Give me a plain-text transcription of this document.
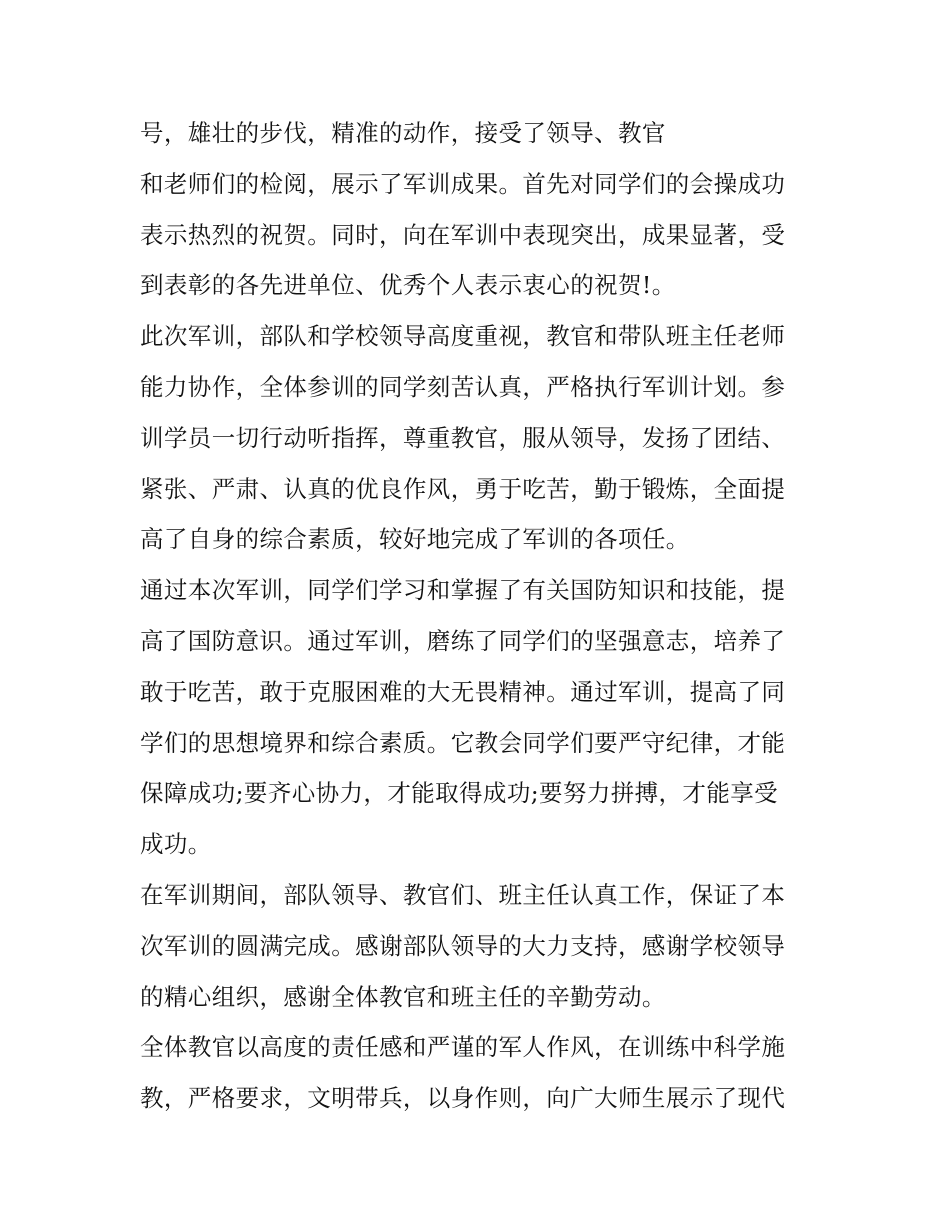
号，雄壮的步伐，精准的动作，接受了领导、教官
和老师们的检阅，展示了军训成果。首先对同学们的会操成功
表示热烈的祝贺。同时，向在军训中表现突出，成果显著，受
到表彰的各先进单位、优秀个人表示衷心的祝贺!。
此次军训，部队和学校领导高度重视，教官和带队班主任老师
能力协作，全体参训的同学刻苦认真，严格执行军训计划。参
训学员一切行动听指挥，尊重教官，服从领导，发扬了团结、
紧张、严肃、认真的优良作风，勇于吃苦，勤于锻炼，全面提
高了自身的综合素质，较好地完成了军训的各项任。
通过本次军训，同学们学习和掌握了有关国防知识和技能，提
高了国防意识。通过军训，磨练了同学们的坚强意志，培养了
敢于吃苦，敢于克服困难的大无畏精神。通过军训，提高了同
学们的思想境界和综合素质。它教会同学们要严守纪律，才能
保障成功;要齐心协力，才能取得成功;要努力拼搏，才能享受
成功。
在军训期间，部队领导、教官们、班主任认真工作，保证了本
次军训的圆满完成。感谢部队领导的大力支持，感谢学校领导
的精心组织，感谢全体教官和班主任的辛勤劳动。
全体教官以高度的责任感和严谨的军人作风，在训练中科学施
教，严格要求，文明带兵，以身作则，向广大师生展示了现代
